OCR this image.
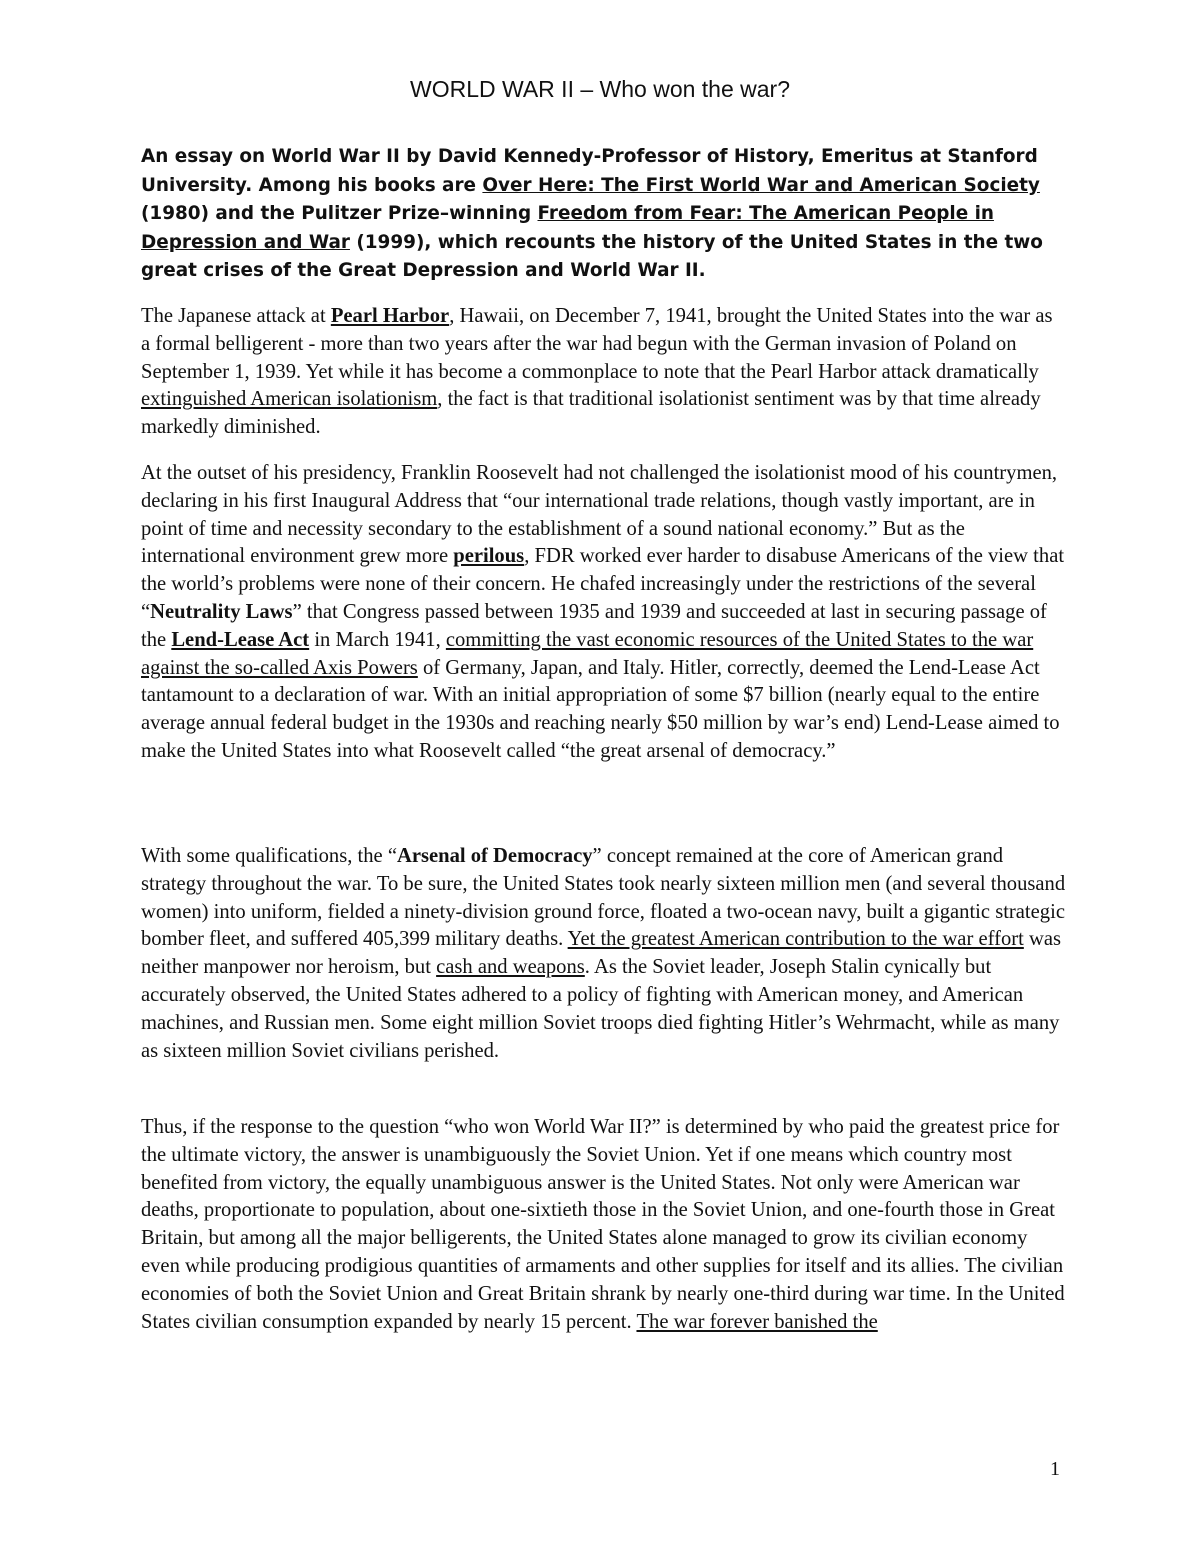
WORLD WAR II – Who won the war?

An essay on World War II by David Kennedy-Professor of History, Emeritus at Stanford University. Among his books are Over Here: The First World War and American Society (1980) and the Pulitzer Prize–winning Freedom from Fear: The American People in Depression and War (1999), which recounts the history of the United States in the two great crises of the Great Depression and World War II.

The Japanese attack at Pearl Harbor, Hawaii, on December 7, 1941, brought the United States into the war as a formal belligerent - more than two years after the war had begun with the German invasion of Poland on September 1, 1939. Yet while it has become a commonplace to note that the Pearl Harbor attack dramatically extinguished American isolationism, the fact is that traditional isolationist sentiment was by that time already markedly diminished.

At the outset of his presidency, Franklin Roosevelt had not challenged the isolationist mood of his countrymen, declaring in his first Inaugural Address that “our international trade relations, though vastly important, are in point of time and necessity secondary to the establishment of a sound national economy.” But as the international environment grew more perilous, FDR worked ever harder to disabuse Americans of the view that the world’s problems were none of their concern. He chafed increasingly under the restrictions of the several “Neutrality Laws” that Congress passed between 1935 and 1939 and succeeded at last in securing passage of the Lend-Lease Act in March 1941, committing the vast economic resources of the United States to the war against the so-called Axis Powers of Germany, Japan, and Italy. Hitler, correctly, deemed the Lend-Lease Act tantamount to a declaration of war. With an initial appropriation of some $7 billion (nearly equal to the entire average annual federal budget in the 1930s and reaching nearly $50 million by war’s end) Lend-Lease aimed to make the United States into what Roosevelt called “the great arsenal of democracy.”

With some qualifications, the “Arsenal of Democracy” concept remained at the core of American grand strategy throughout the war. To be sure, the United States took nearly sixteen million men (and several thousand women) into uniform, fielded a ninety-division ground force, floated a two-ocean navy, built a gigantic strategic bomber fleet, and suffered 405,399 military deaths. Yet the greatest American contribution to the war effort was neither manpower nor heroism, but cash and weapons. As the Soviet leader, Joseph Stalin cynically but accurately observed, the United States adhered to a policy of fighting with American money, and American machines, and Russian men. Some eight million Soviet troops died fighting Hitler’s Wehrmacht, while as many as sixteen million Soviet civilians perished.

Thus, if the response to the question “who won World War II?” is determined by who paid the greatest price for the ultimate victory, the answer is unambiguously the Soviet Union. Yet if one means which country most benefited from victory, the equally unambiguous answer is the United States. Not only were American war deaths, proportionate to population, about one-sixtieth those in the Soviet Union, and one-fourth those in Great Britain, but among all the major belligerents, the United States alone managed to grow its civilian economy even while producing prodigious quantities of armaments and other supplies for itself and its allies. The civilian economies of both the Soviet Union and Great Britain shrank by nearly one-third during war time. In the United States civilian consumption expanded by nearly 15 percent. The war forever banished the

1
